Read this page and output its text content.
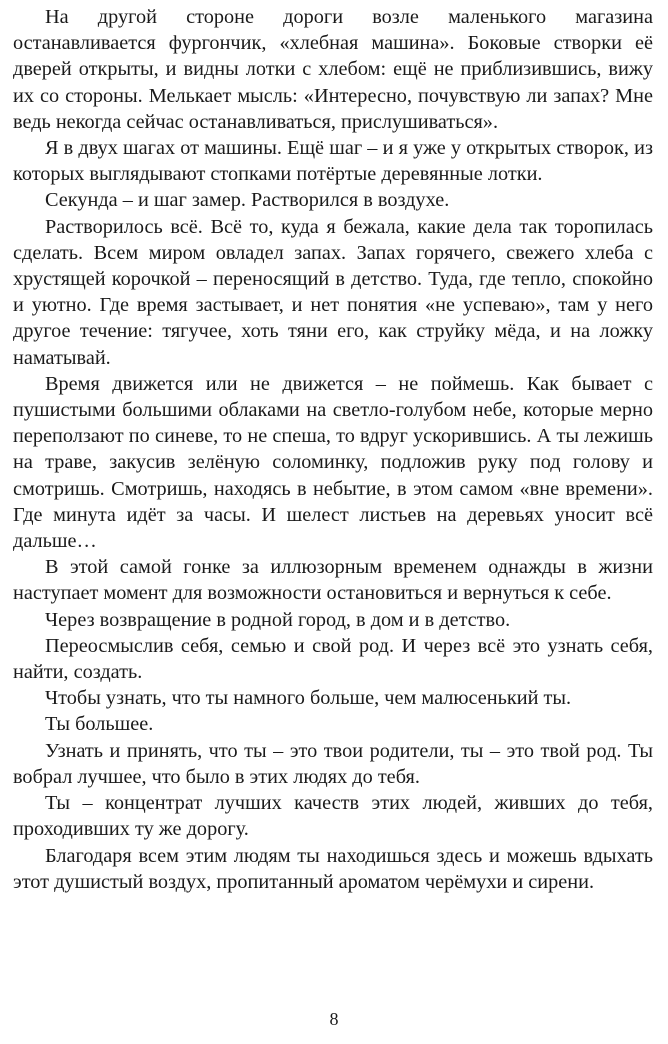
На другой стороне дороги возле маленького магазина останавливается фургончик, «хлебная машина». Боковые створки её дверей открыты, и видны лотки с хлебом: ещё не приблизившись, вижу их со стороны. Мелькает мысль: «Интересно, почувствую ли запах? Мне ведь некогда сейчас останавливаться, прислушиваться».

Я в двух шагах от машины. Ещё шаг – и я уже у открытых створок, из которых выглядывают стопками потёртые деревянные лотки.

Секунда – и шаг замер. Растворился в воздухе.

Растворилось всё. Всё то, куда я бежала, какие дела так торопилась сделать. Всем миром овладел запах. Запах горячего, свежего хлеба с хрустящей корочкой – переносящий в детство. Туда, где тепло, спокойно и уютно. Где время застывает, и нет понятия «не успеваю», там у него другое течение: тягучее, хоть тяни его, как струйку мёда, и на ложку наматывай.

Время движется или не движется – не поймешь. Как бывает с пушистыми большими облаками на светло-голубом небе, которые мерно переползают по синеве, то не спеша, то вдруг ускорившись. А ты лежишь на траве, закусив зелёную соломинку, подложив руку под голову и смотришь. Смотришь, находясь в небытие, в этом самом «вне времени». Где минута идёт за часы. И шелест листьев на деревьях уносит всё дальше…

В этой самой гонке за иллюзорным временем однажды в жизни наступает момент для возможности остановиться и вернуться к себе.

Через возвращение в родной город, в дом и в детство.

Переосмыслив себя, семью и свой род. И через всё это узнать себя, найти, создать.

Чтобы узнать, что ты намного больше, чем малюсенький ты.

Ты большее.

Узнать и принять, что ты – это твои родители, ты – это твой род. Ты вобрал лучшее, что было в этих людях до тебя.

Ты – концентрат лучших качеств этих людей, живших до тебя, проходивших ту же дорогу.

Благодаря всем этим людям ты находишься здесь и можешь вдыхать этот душистый воздух, пропитанный ароматом черёмухи и сирени.

8
